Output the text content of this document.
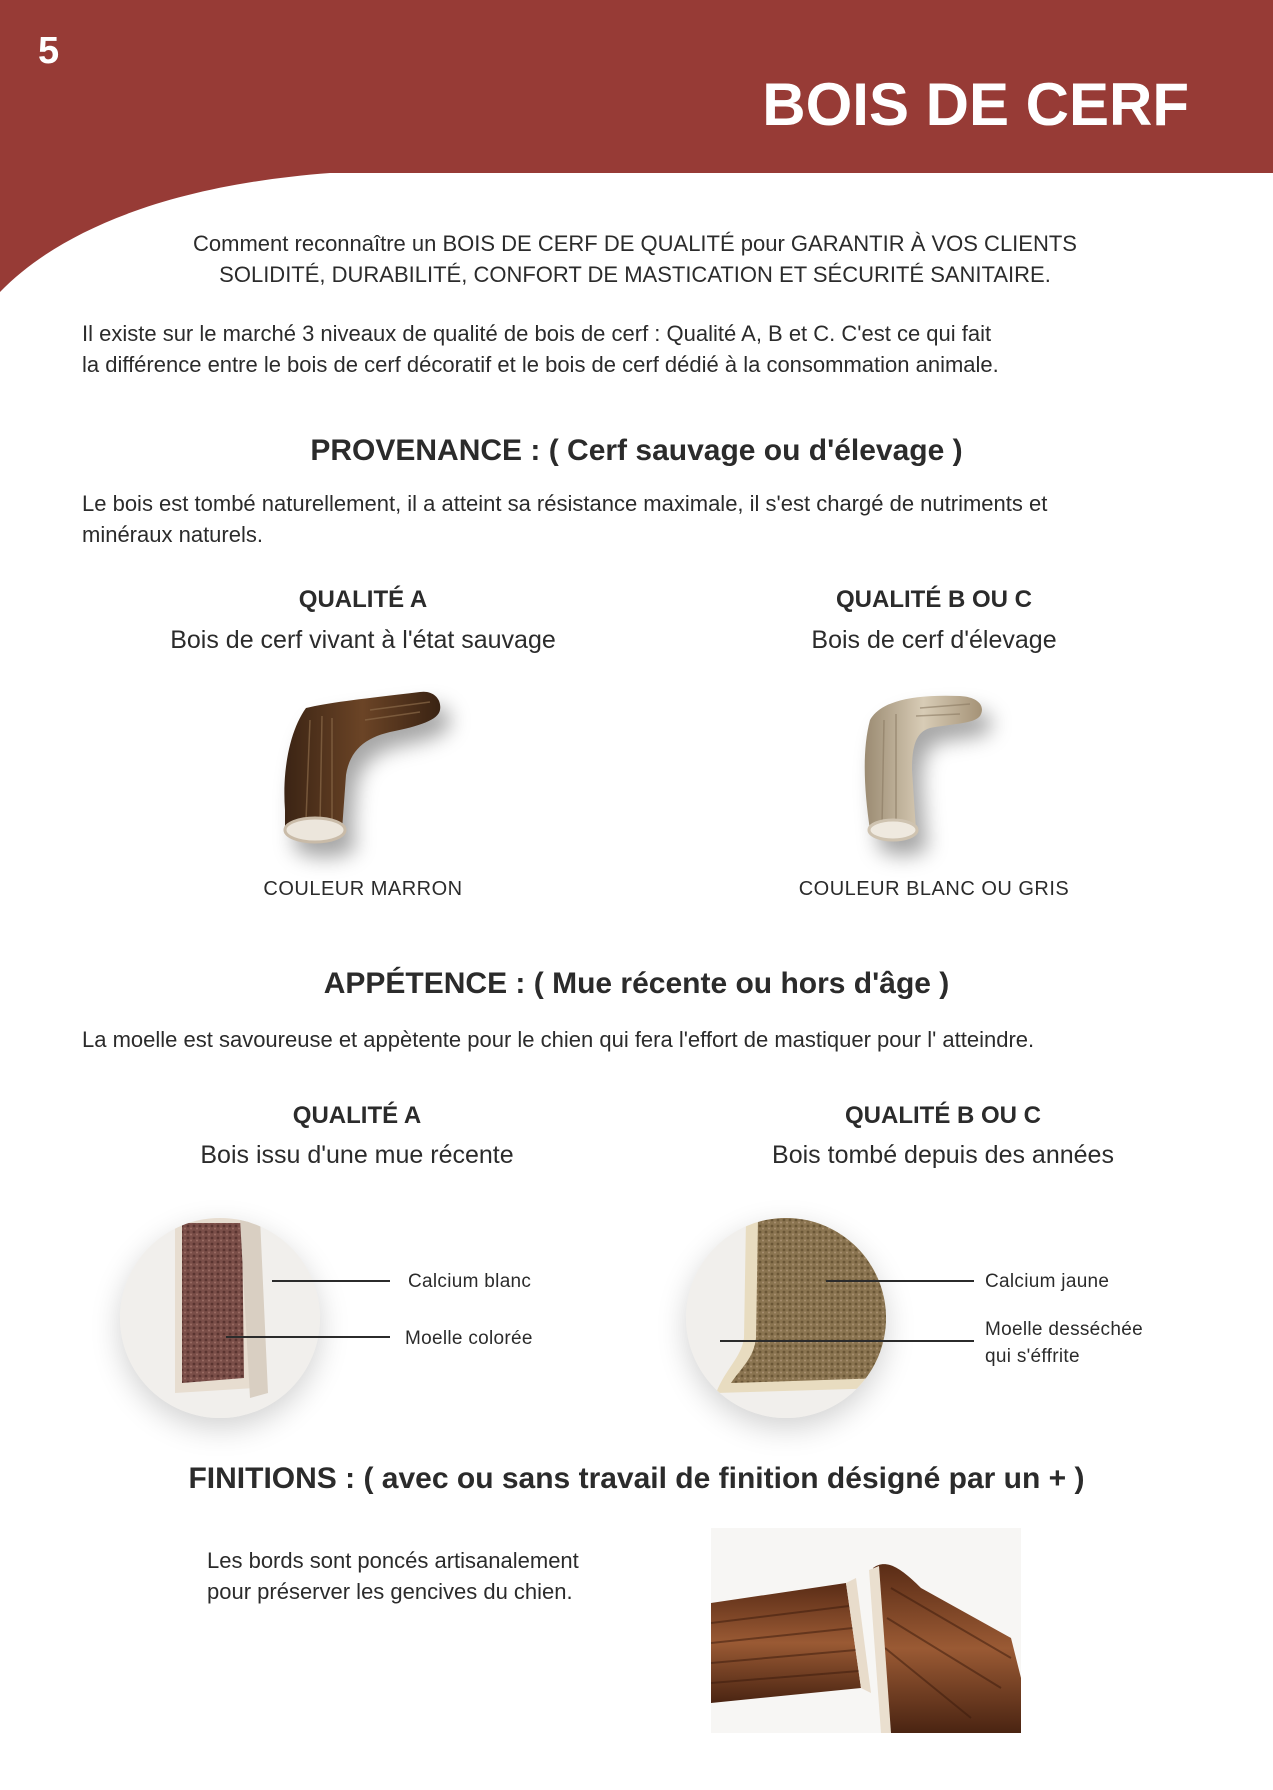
5
BOIS DE CERF
Comment reconnaître un BOIS DE CERF DE QUALITÉ pour GARANTIR À VOS CLIENTS
SOLIDITÉ, DURABILITÉ, CONFORT DE MASTICATION ET SÉCURITÉ SANITAIRE.
Il existe sur le marché 3 niveaux de qualité de bois de cerf : Qualité A, B et C. C'est ce qui fait
la différence entre le bois de cerf décoratif et le bois de cerf dédié à la consommation animale.
PROVENANCE : ( Cerf sauvage ou d'élevage )
Le bois est tombé naturellement, il a atteint sa résistance maximale, il s'est chargé de nutriments et
minéraux naturels.
QUALITÉ A
Bois de cerf vivant à l'état sauvage
QUALITÉ B OU C
Bois de cerf d'élevage
COULEUR MARRON	COULEUR BLANC OU GRIS
APPÉTENCE : ( Mue récente ou hors d'âge )
La moelle est savoureuse et appètente pour le chien qui fera l'effort de mastiquer pour l' atteindre.
QUALITÉ A
Bois issu d'une mue récente
QUALITÉ B OU C
Bois tombé depuis des années
Calcium blanc
Moelle colorée
Calcium jaune
Moelle desséchée
qui s'éffrite
FINITIONS : ( avec ou sans travail de finition désigné par un + )
Les bords sont poncés artisanalement
pour préserver les gencives du chien.
